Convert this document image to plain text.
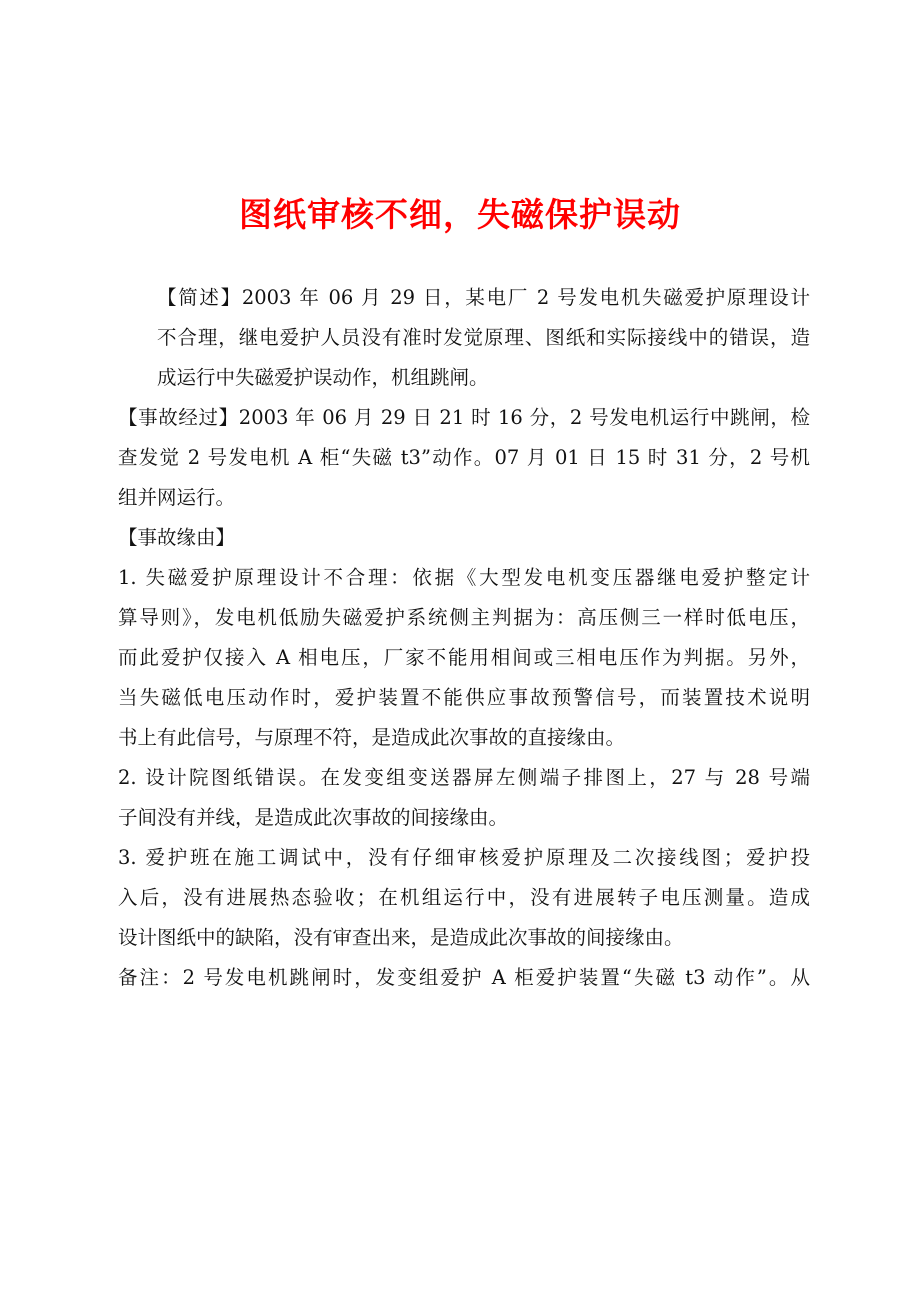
图纸审核不细，失磁保护误动
【简述】2003 年 06 月 29 日，某电厂 2 号发电机失磁爱护原理设计
不合理，继电爱护人员没有准时发觉原理、图纸和实际接线中的错误，造
成运行中失磁爱护误动作，机组跳闸。
【事故经过】2003 年 06 月 29 日 21 时 16 分，2 号发电机运行中跳闸，检
查发觉 2 号发电机 A 柜“失磁 t3”动作。07 月 01 日 15 时 31 分，2 号机
组并网运行。
【事故缘由】
1. 失磁爱护原理设计不合理：依据《大型发电机变压器继电爱护整定计
算导则》，发电机低励失磁爱护系统侧主判据为：高压侧三一样时低电压，
而此爱护仅接入 A 相电压，厂家不能用相间或三相电压作为判据。另外，
当失磁低电压动作时，爱护装置不能供应事故预警信号，而装置技术说明
书上有此信号，与原理不符，是造成此次事故的直接缘由。
2. 设计院图纸错误。在发变组变送器屏左侧端子排图上，27 与 28 号端
子间没有并线，是造成此次事故的间接缘由。
3. 爱护班在施工调试中，没有仔细审核爱护原理及二次接线图；爱护投
入后，没有进展热态验收；在机组运行中，没有进展转子电压测量。造成
设计图纸中的缺陷，没有审查出来，是造成此次事故的间接缘由。
备注：2 号发电机跳闸时，发变组爱护 A 柜爱护装置“失磁 t3 动作”。从
